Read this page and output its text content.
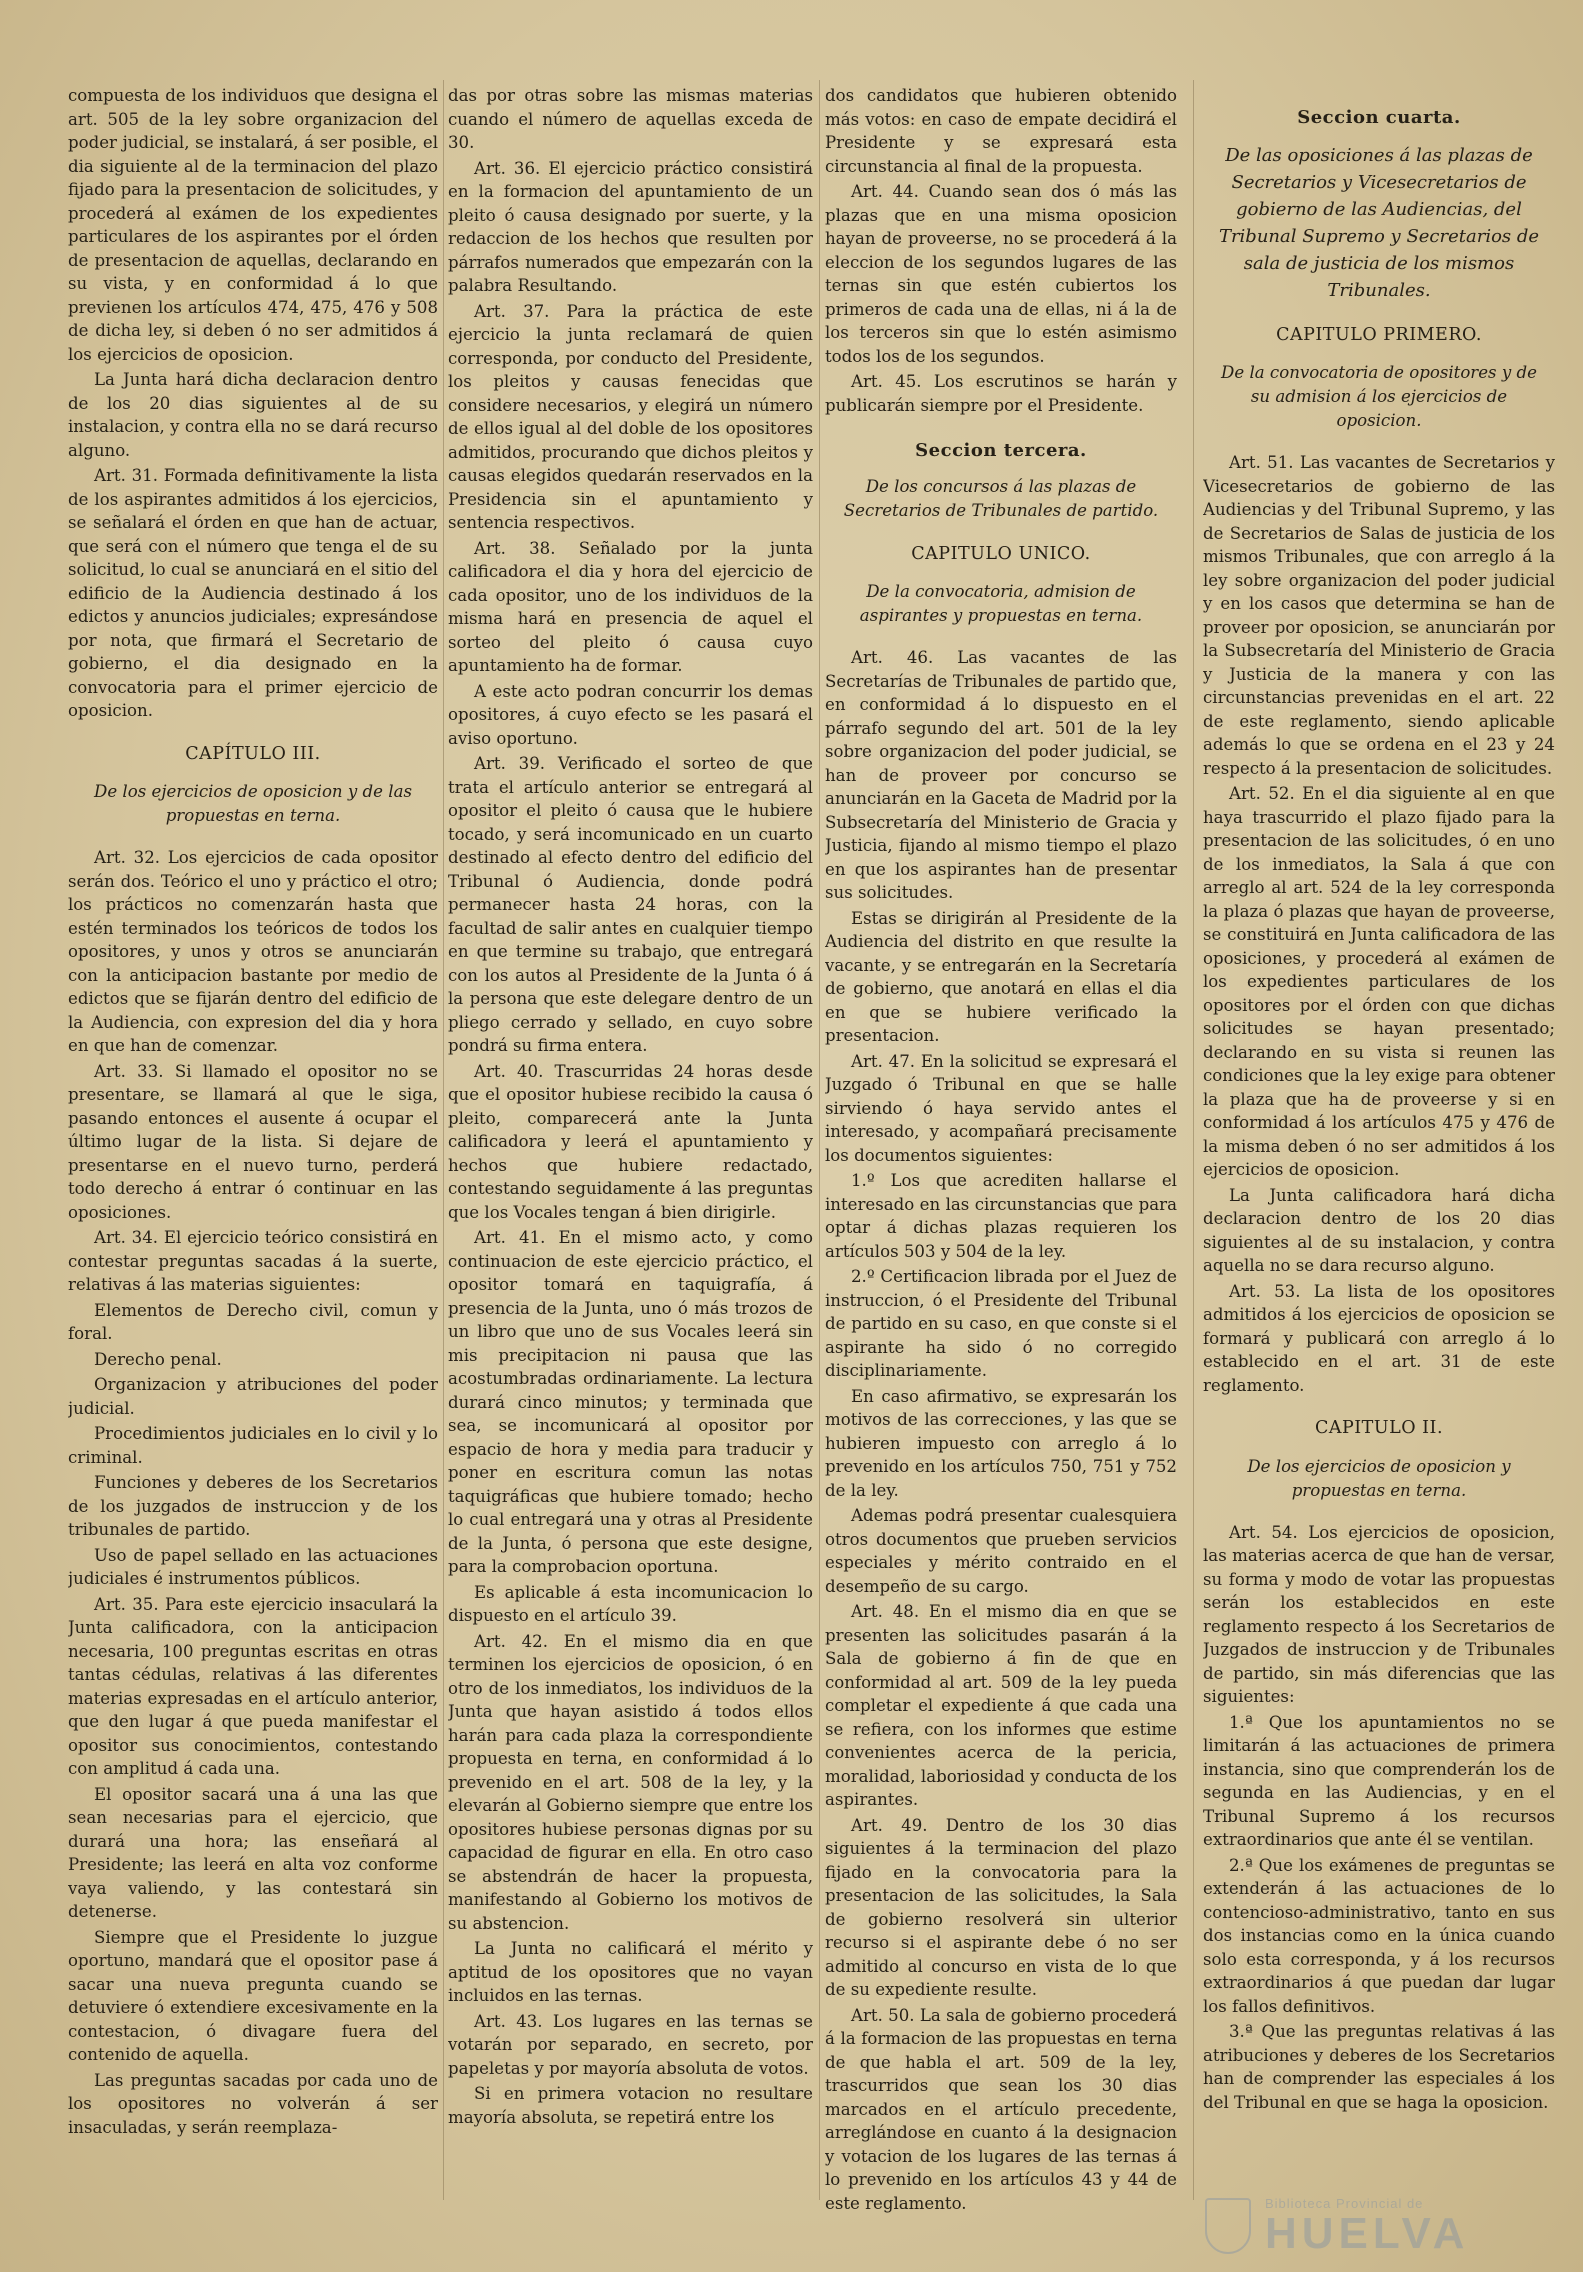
compuesta de los individuos que designa el art. 505 de la ley sobre organizacion del poder judicial, se instalará, á ser posible, el dia siguiente al de la terminacion del plazo fijado para la presentacion de solicitudes, y procederá al exámen de los expedientes particulares de los aspirantes por el órden de presentacion de aquellas, declarando en su vista, y en conformidad á lo que previenen los artículos 474, 475, 476 y 508 de dicha ley, si deben ó no ser admitidos á los ejercicios de oposicion.

La Junta hará dicha declaracion dentro de los 20 dias siguientes al de su instalacion, y contra ella no se dará recurso alguno.

Art. 31. Formada definitivamente la lista de los aspirantes admitidos á los ejercicios, se señalará el órden en que han de actuar, que será con el número que tenga el de su solicitud, lo cual se anunciará en el sitio del edificio de la Audiencia destinado á los edictos y anuncios judiciales; expresándose por nota, que firmará el Secretario de gobierno, el dia designado en la convocatoria para el primer ejercicio de oposicion.

CAPÍTULO III.
De los ejercicios de oposicion y de las propuestas en terna.

Art. 32. Los ejercicios de cada opositor serán dos. Teórico el uno y práctico el otro; los prácticos no comenzarán hasta que estén terminados los teóricos de todos los opositores, y unos y otros se anunciarán con la anticipacion bastante por medio de edictos que se fijarán dentro del edificio de la Audiencia, con expresion del dia y hora en que han de comenzar.

Art. 33. Si llamado el opositor no se presentare, se llamará al que le siga, pasando entonces el ausente á ocupar el último lugar de la lista. Si dejare de presentarse en el nuevo turno, perderá todo derecho á entrar ó continuar en las oposiciones.

Art. 34. El ejercicio teórico consistirá en contestar preguntas sacadas á la suerte, relativas á las materias siguientes:

Elementos de Derecho civil, comun y foral.

Derecho penal.

Organizacion y atribuciones del poder judicial.

Procedimientos judiciales en lo civil y lo criminal.

Funciones y deberes de los Secretarios de los juzgados de instruccion y de los tribunales de partido.

Uso de papel sellado en las actuaciones judiciales é instrumentos públicos.

Art. 35. Para este ejercicio insaculará la Junta calificadora, con la anticipacion necesaria, 100 preguntas escritas en otras tantas cédulas, relativas á las diferentes materias expresadas en el artículo anterior, que den lugar á que pueda manifestar el opositor sus conocimientos, contestando con amplitud á cada una.

El opositor sacará una á una las que sean necesarias para el ejercicio, que durará una hora; las enseñará al Presidente; las leerá en alta voz conforme vaya valiendo, y las contestará sin detenerse.

Siempre que el Presidente lo juzgue oportuno, mandará que el opositor pase á sacar una nueva pregunta cuando se detuviere ó extendiere excesivamente en la contestacion, ó divagare fuera del contenido de aquella.

Las preguntas sacadas por cada uno de los opositores no volverán á ser insaculadas, y serán reemplaza-

das por otras sobre las mismas materias cuando el número de aquellas exceda de 30.

Art. 36. El ejercicio práctico consistirá en la formacion del apuntamiento de un pleito ó causa designado por suerte, y la redaccion de los hechos que resulten por párrafos numerados que empezarán con la palabra Resultando.

Art. 37. Para la práctica de este ejercicio la junta reclamará de quien corresponda, por conducto del Presidente, los pleitos y causas fenecidas que considere necesarios, y elegirá un número de ellos igual al del doble de los opositores admitidos, procurando que dichos pleitos y causas elegidos quedarán reservados en la Presidencia sin el apuntamiento y sentencia respectivos.

Art. 38. Señalado por la junta calificadora el dia y hora del ejercicio de cada opositor, uno de los individuos de la misma hará en presencia de aquel el sorteo del pleito ó causa cuyo apuntamiento ha de formar.

A este acto podran concurrir los demas opositores, á cuyo efecto se les pasará el aviso oportuno.

Art. 39. Verificado el sorteo de que trata el artículo anterior se entregará al opositor el pleito ó causa que le hubiere tocado, y será incomunicado en un cuarto destinado al efecto dentro del edificio del Tribunal ó Audiencia, donde podrá permanecer hasta 24 horas, con la facultad de salir antes en cualquier tiempo en que termine su trabajo, que entregará con los autos al Presidente de la Junta ó á la persona que este delegare dentro de un pliego cerrado y sellado, en cuyo sobre pondrá su firma entera.

Art. 40. Trascurridas 24 horas desde que el opositor hubiese recibido la causa ó pleito, comparecerá ante la Junta calificadora y leerá el apuntamiento y hechos que hubiere redactado, contestando seguidamente á las preguntas que los Vocales tengan á bien dirigirle.

Art. 41. En el mismo acto, y como continuacion de este ejercicio práctico, el opositor tomará en taquigrafía, á presencia de la Junta, uno ó más trozos de un libro que uno de sus Vocales leerá sin mis precipitacion ni pausa que las acostumbradas ordinariamente. La lectura durará cinco minutos; y terminada que sea, se incomunicará al opositor por espacio de hora y media para traducir y poner en escritura comun las notas taquigráficas que hubiere tomado; hecho lo cual entregará una y otras al Presidente de la Junta, ó persona que este designe, para la comprobacion oportuna.

Es aplicable á esta incomunicacion lo dispuesto en el artículo 39.

Art. 42. En el mismo dia en que terminen los ejercicios de oposicion, ó en otro de los inmediatos, los individuos de la Junta que hayan asistido á todos ellos harán para cada plaza la correspondiente propuesta en terna, en conformidad á lo prevenido en el art. 508 de la ley, y la elevarán al Gobierno siempre que entre los opositores hubiese personas dignas por su capacidad de figurar en ella. En otro caso se abstendrán de hacer la propuesta, manifestando al Gobierno los motivos de su abstencion.

La Junta no calificará el mérito y aptitud de los opositores que no vayan incluidos en las ternas.

Art. 43. Los lugares en las ternas se votarán por separado, en secreto, por papeletas y por mayoría absoluta de votos.

Si en primera votacion no resultare mayoría absoluta, se repetirá entre los

dos candidatos que hubieren obtenido más votos: en caso de empate decidirá el Presidente y se expresará esta circunstancia al final de la propuesta.

Art. 44. Cuando sean dos ó más las plazas que en una misma oposicion hayan de proveerse, no se procederá á la eleccion de los segundos lugares de las ternas sin que estén cubiertos los primeros de cada una de ellas, ni á la de los terceros sin que lo estén asimismo todos los de los segundos.

Art. 45. Los escrutinos se harán y publicarán siempre por el Presidente.

Seccion tercera.
De los concursos á las plazas de Secretarios de Tribunales de partido.
CAPITULO UNICO.
De la convocatoria, admision de aspirantes y propuestas en terna.

Art. 46. Las vacantes de las Secretarías de Tribunales de partido que, en conformidad á lo dispuesto en el párrafo segundo del art. 501 de la ley sobre organizacion del poder judicial, se han de proveer por concurso se anunciarán en la Gaceta de Madrid por la Subsecretaría del Ministerio de Gracia y Justicia, fijando al mismo tiempo el plazo en que los aspirantes han de presentar sus solicitudes.

Estas se dirigirán al Presidente de la Audiencia del distrito en que resulte la vacante, y se entregarán en la Secretaría de gobierno, que anotará en ellas el dia en que se hubiere verificado la presentacion.

Art. 47. En la solicitud se expresará el Juzgado ó Tribunal en que se halle sirviendo ó haya servido antes el interesado, y acompañará precisamente los documentos siguientes:

1.º Los que acrediten hallarse el interesado en las circunstancias que para optar á dichas plazas requieren los artículos 503 y 504 de la ley.

2.º Certificacion librada por el Juez de instruccion, ó el Presidente del Tribunal de partido en su caso, en que conste si el aspirante ha sido ó no corregido disciplinariamente.

En caso afirmativo, se expresarán los motivos de las correcciones, y las que se hubieren impuesto con arreglo á lo prevenido en los artículos 750, 751 y 752 de la ley.

Ademas podrá presentar cualesquiera otros documentos que prueben servicios especiales y mérito contraido en el desempeño de su cargo.

Art. 48. En el mismo dia en que se presenten las solicitudes pasarán á la Sala de gobierno á fin de que en conformidad al art. 509 de la ley pueda completar el expediente á que cada una se refiera, con los informes que estime convenientes acerca de la pericia, moralidad, laboriosidad y conducta de los aspirantes.

Art. 49. Dentro de los 30 dias siguientes á la terminacion del plazo fijado en la convocatoria para la presentacion de las solicitudes, la Sala de gobierno resolverá sin ulterior recurso si el aspirante debe ó no ser admitido al concurso en vista de lo que de su expediente resulte.

Art. 50. La sala de gobierno procederá á la formacion de las propuestas en terna de que habla el art. 509 de la ley, trascurridos que sean los 30 dias marcados en el artículo precedente, arreglándose en cuanto á la designacion y votacion de los lugares de las ternas á lo prevenido en los artículos 43 y 44 de este reglamento.

Seccion cuarta.
De las oposiciones á las plazas de Secretarios y Vicesecretarios de gobierno de las Audiencias, del Tribunal Supremo y Secretarios de sala de justicia de los mismos Tribunales.
CAPITULO PRIMERO.
De la convocatoria de opositores y de su admision á los ejercicios de oposicion.

Art. 51. Las vacantes de Secretarios y Vicesecretarios de gobierno de las Audiencias y del Tribunal Supremo, y las de Secretarios de Salas de justicia de los mismos Tribunales, que con arreglo á la ley sobre organizacion del poder judicial y en los casos que determina se han de proveer por oposicion, se anunciarán por la Subsecretaría del Ministerio de Gracia y Justicia de la manera y con las circunstancias prevenidas en el art. 22 de este reglamento, siendo aplicable además lo que se ordena en el 23 y 24 respecto á la presentacion de solicitudes.

Art. 52. En el dia siguiente al en que haya trascurrido el plazo fijado para la presentacion de las solicitudes, ó en uno de los inmediatos, la Sala á que con arreglo al art. 524 de la ley corresponda la plaza ó plazas que hayan de proveerse, se constituirá en Junta calificadora de las oposiciones, y procederá al exámen de los expedientes particulares de los opositores por el órden con que dichas solicitudes se hayan presentado; declarando en su vista si reunen las condiciones que la ley exige para obtener la plaza que ha de proveerse y si en conformidad á los artículos 475 y 476 de la misma deben ó no ser admitidos á los ejercicios de oposicion.

La Junta calificadora hará dicha declaracion dentro de los 20 dias siguientes al de su instalacion, y contra aquella no se dara recurso alguno.

Art. 53. La lista de los opositores admitidos á los ejercicios de oposicion se formará y publicará con arreglo á lo establecido en el art. 31 de este reglamento.

CAPITULO II.
De los ejercicios de oposicion y propuestas en terna.

Art. 54. Los ejercicios de oposicion, las materias acerca de que han de versar, su forma y modo de votar las propuestas serán los establecidos en este reglamento respecto á los Secretarios de Juzgados de instruccion y de Tribunales de partido, sin más diferencias que las siguientes:

1.ª Que los apuntamientos no se limitarán á las actuaciones de primera instancia, sino que comprenderán los de segunda en las Audiencias, y en el Tribunal Supremo á los recursos extraordinarios que ante él se ventilan.

2.ª Que los exámenes de preguntas se extenderán á las actuaciones de lo contencioso-administrativo, tanto en sus dos instancias como en la única cuando solo esta corresponda, y á los recursos extraordinarios á que puedan dar lugar los fallos definitivos.

3.ª Que las preguntas relativas á las atribuciones y deberes de los Secretarios han de comprender las especiales á los del Tribunal en que se haga la oposicion.

Biblioteca Provincial de
HUELVA
